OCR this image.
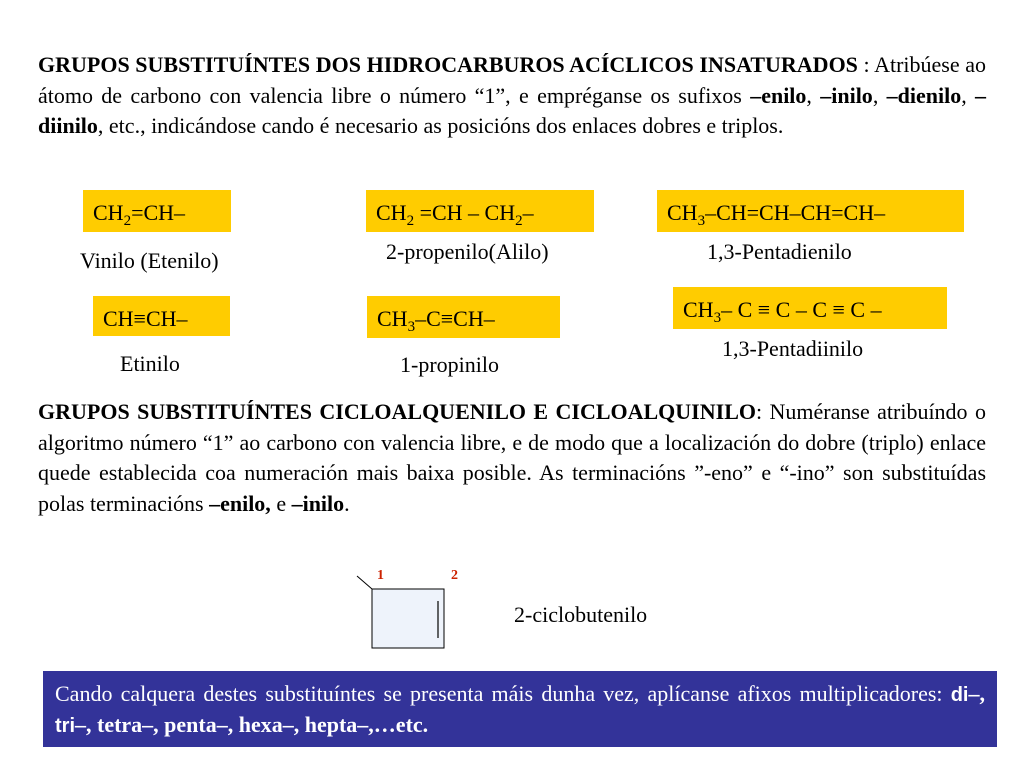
GRUPOS SUBSTITUÍNTES DOS HIDROCARBUROS ACÍCLICOS INSATURADOS : Atribúese ao átomo de carbono con valencia libre o número “1”, e empréganse os sufixos –enilo, –inilo, –dienilo, –diinilo, etc., indicándose cando é necesario as posicións dos enlaces dobres e triplos.
$CH_2=CH-$
Vinilo (Etenilo)
$CH_2 =CH - CH_2-$
2-propenilo(Alilo)
$CH_3-CH=CH-CH=CH-$
1,3-Pentadienilo
CH≡CH–
Etinilo
$CH_3-C\equiv CH-$
1-propinilo
$CH_3-$ C ≡ C – C ≡ C –
1,3-Pentadiinilo
GRUPOS SUBSTITUÍNTES CICLOALQUENILO E CICLOALQUINILO: Numéranse atribuíndo o algoritmo número “1” ao carbono con valencia libre, e de modo que a localización do dobre (triplo) enlace quede establecida coa numeración mais baixa posible. As terminacións ”-eno” e “-ino” son substituídas polas terminacións –enilo, e –inilo.
1	2
2-ciclobutenilo
Cando calquera destes substituíntes se presenta máis dunha vez, aplícanse afixos multiplicadores: di–, tri–, tetra–, penta–, hexa–, hepta–,…etc.
